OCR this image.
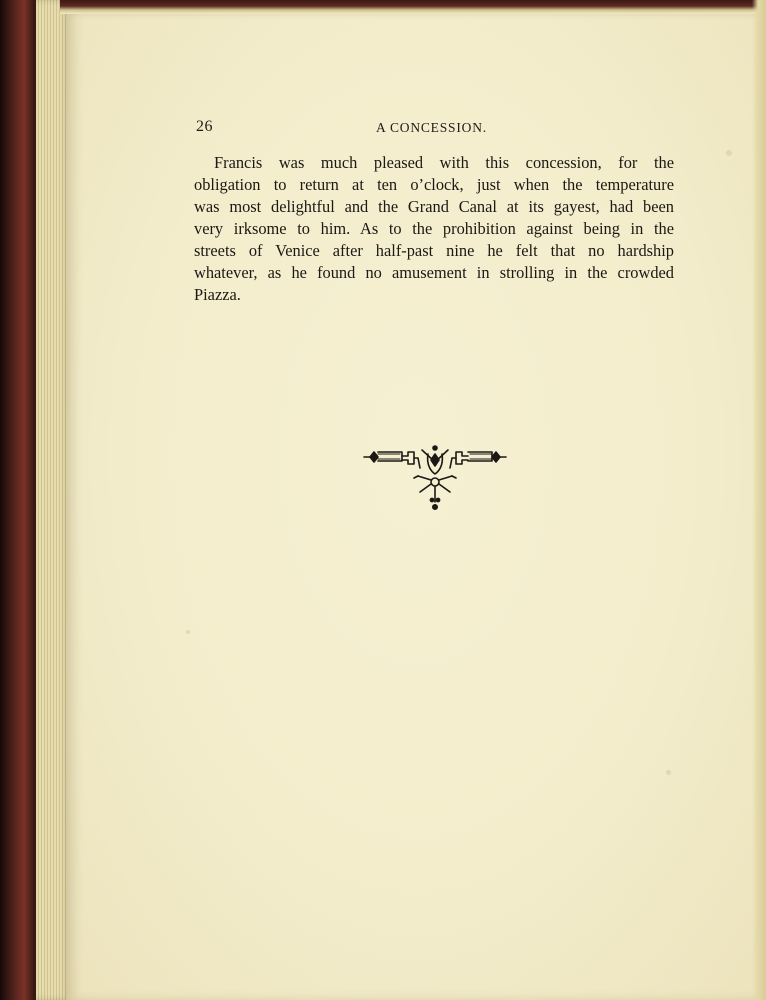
26	A CONCESSION.
Francis was much pleased with this concession, for the
obligation to return at ten o’clock, just when the temperature
was most delightful and the Grand Canal at its gayest, had been
very irksome to him. As to the prohibition against being in the
streets of Venice after half-past nine he felt that no hardship
whatever, as he found no amusement in strolling in the crowded
Piazza.
